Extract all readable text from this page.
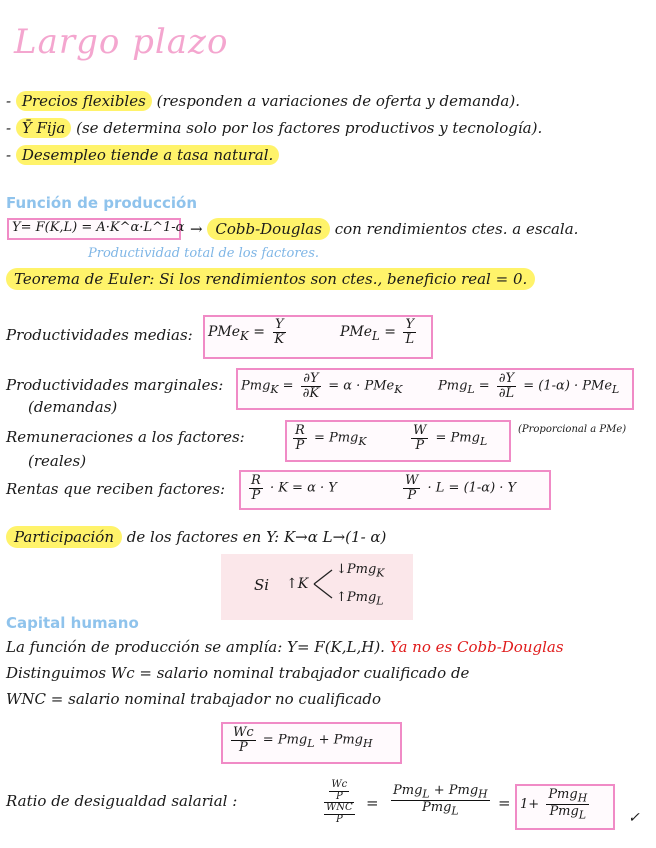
Largo plazo
- Precios flexibles (responden a variaciones de oferta y demanda).
- Ȳ Fija (se determina solo por los factores productivos y tecnología).
- Desempleo tiende a tasa natural.
Función de producción
Y= F(K,L) = A·K^α·L^1-α → Cobb-Douglas con rendimientos ctes. a escala.
Productividad total de los factores.
Teorema de Euler: Si los rendimientos son ctes., beneficio real = 0.
Productividades medias: $PMe_K = \frac{Y}{K}$	$PMe_L = \frac{Y}{L}$
Productividades marginales:
(demandas)
$Pmg_K = \frac{\partial Y}{\partial K} = \alpha \cdot PMe_K$	$Pmg_L = \frac{\partial Y}{\partial L} = (1-\alpha) \cdot PMe_L$
Remuneraciones a los factores:
(reales)
$\frac{R}{P} = Pmg_K$	$\frac{W}{P} = Pmg_L$
(Proporcional a PMe)
Rentas que reciben factores: $\frac{R}{P} \cdot K = \alpha \cdot Y$	$\frac{W}{P} \cdot L = (1-\alpha) \cdot Y$
Participación de los factores en Y: K→α L→(1- α)
Si ↑K
↓Pmg$_K$
↑Pmg$_L$
Capital humano
La función de producción se amplía: Y= F(K,L,H). Ya no es Cobb-Douglas
Distinguimos Wc = salario nominal trabajador cualificado de
WNC = salario nominal trabajador no cualificado
$\frac{Wc}{P} = Pmg_L + Pmg_H$
Ratio de desigualdad salarial :	$\frac{\frac{Wc}{P}}{\frac{\text{WNC}}{P}} = \frac{Pmg_L + Pmg_H}{Pmg_L} = 1+ \frac{Pmg_H}{Pmg_L}$	✓
